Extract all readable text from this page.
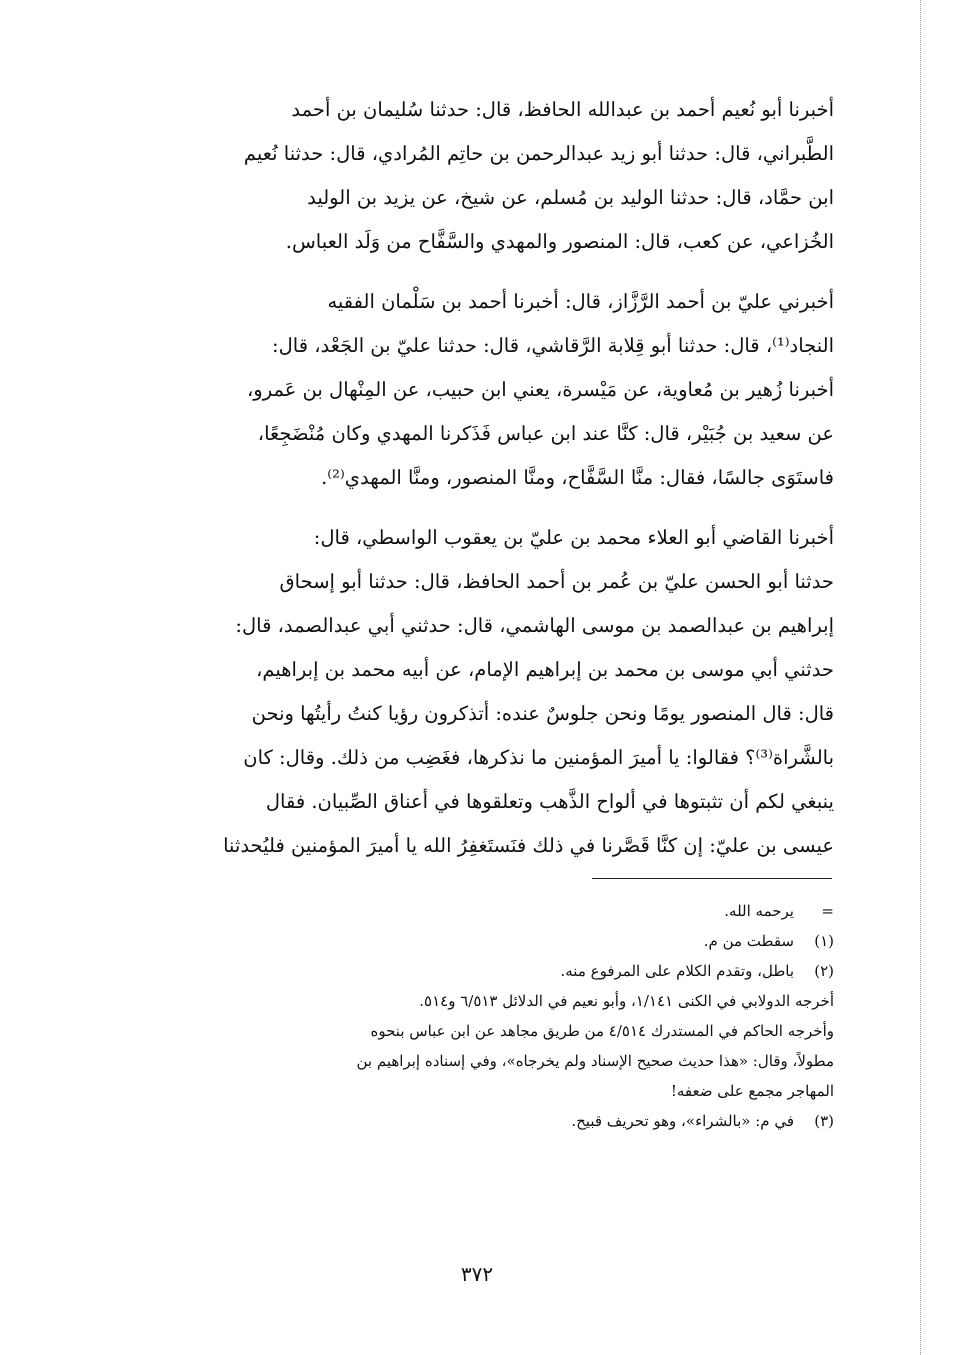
أخبرنا أبو نُعيم أحمد بن عبدالله الحافظ، قال: حدثنا سُليمان بن أحمد
الطَّبراني، قال: حدثنا أبو زيد عبدالرحمن بن حاتِم المُرادي، قال: حدثنا نُعيم
ابن حمَّاد، قال: حدثنا الوليد بن مُسلم، عن شيخ، عن يزيد بن الوليد
الخُزاعي، عن كعب، قال: المنصور والمهدي والسَّفَّاح من وَلَد العباس.
أخبرني عليّ بن أحمد الرَّزَّاز، قال: أخبرنا أحمد بن سَلْمان الفقيه
النجاد⁽¹⁾، قال: حدثنا أبو قِلابة الرَّقاشي، قال: حدثنا عليّ بن الجَعْد، قال:
أخبرنا زُهير بن مُعاوية، عن مَيْسرة، يعني ابن حبيب، عن المِنْهال بن عَمرو،
عن سعيد بن جُبَيْر، قال: كنَّا عند ابن عباس فَذَكرنا المهدي وكان مُنْضَجِعًا،
فاستَوَى جالسًا، فقال: منَّا السَّفَّاح، ومنَّا المنصور، ومنَّا المهدي⁽²⁾.
أخبرنا القاضي أبو العلاء محمد بن عليّ بن يعقوب الواسطي، قال:
حدثنا أبو الحسن عليّ بن عُمر بن أحمد الحافظ، قال: حدثنا أبو إسحاق
إبراهيم بن عبدالصمد بن موسى الهاشمي، قال: حدثني أبي عبدالصمد، قال:
حدثني أبي موسى بن محمد بن إبراهيم الإمام، عن أبيه محمد بن إبراهيم،
قال: قال المنصور يومًا ونحن جلوسٌ عنده: أتذكرون رؤيا كنتُ رأيتُها ونحن
بالشَّراة⁽³⁾؟ فقالوا: يا أميرَ المؤمنين ما نذكرها، فغَضِب من ذلك. وقال: كان
ينبغي لكم أن تثبتوها في ألواح الذَّهب وتعلقوها في أعناق الصِّبيان. فقال
عيسى بن عليّ: إن كنَّا قَصَّرنا في ذلك فنَستَغفِرُ الله يا أميرَ المؤمنين فليُحدثنا
=يرحمه الله.
(١)سقطت من م.
(٢)باطل، وتقدم الكلام على المرفوع منه.
أخرجه الدولابي في الكنى ١/١٤١، وأبو نعيم في الدلائل ٦/٥١٣ و٥١٤.
وأخرجه الحاكم في المستدرك ٤/٥١٤ من طريق مجاهد عن ابن عباس بنحوه
مطولاً، وقال: «هذا حديث صحيح الإسناد ولم يخرجاه»، وفي إسناده إبراهيم بن
المهاجر مجمع على ضعفه!
(٣)في م: «بالشراء»، وهو تحريف قبيح.
٣٧٢
